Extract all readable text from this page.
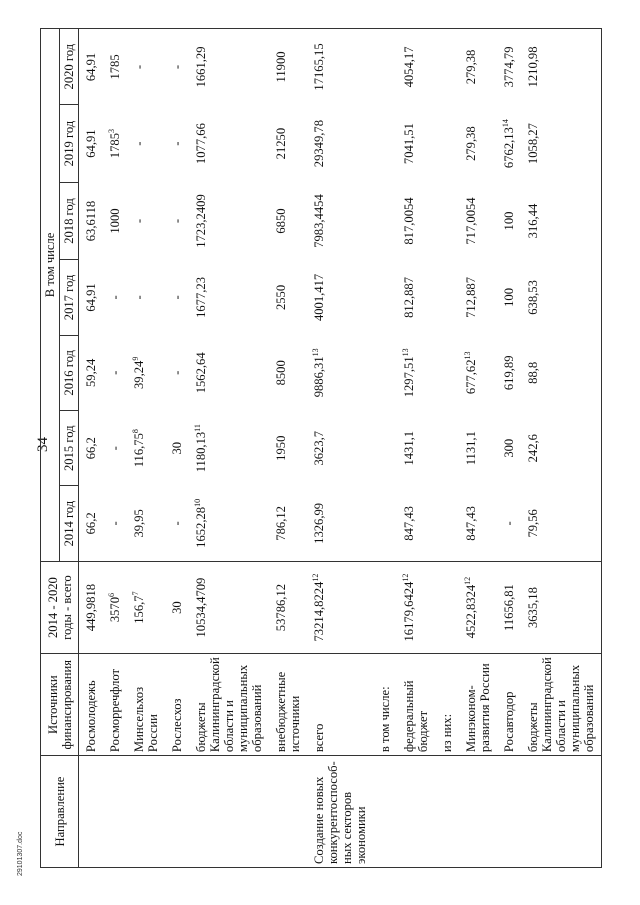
34
Направление	Источники финансирования	2014 - 2020 годы - всего	В том числе						
			2014 год	2015 год	2016 год	2017 год	2018 год	2019 год	2020 год
	Росмолодежь	449,9818	66,2	66,2	59,24	64,91	63,6118	64,91	64,91
	Росморречфлот	3570$^6$	-	-	-	-	1000	1785$^3$	1785
	Минсельхоз России	156,7$^7$	39,95	116,75$^8$	39,24$^9$	-	-	-	-
	Рослесхоз	30	-	30	-	-	-	-	-
	бюджеты Калининградской области и муниципальных образований	10534,4709	1652,28$^{10}$	1180,13$^{11}$	1562,64	1677,23	1723,2409	1077,66	1661,29
	внебюджетные источники	53786,12	786,12	1950	8500	2550	6850	21250	11900
Создание новых конкурентоспособ-ных секторов экономики	всего	73214,8224$^{12}$	1326,99	3623,7	9886,31$^{13}$	4001,417	7983,4454	29349,78	17165,15
	в том числе:								
	федеральный бюджет	16179,6424$^{12}$	847,43	1431,1	1297,51$^{13}$	812,887	817,0054	7041,51	4054,17
	из них:								
	Минэконом-развития России	4522,8324$^{12}$	847,43	1131,1	677,62$^{13}$	712,887	717,0054	279,38	279,38
	Росавтодор	11656,81	-	300	619,89	100	100	6762,13$^{14}$	3774,79
	бюджеты Калининградской области и муниципальных образований	3635,18	79,56	242,6	88,8	638,53	316,44	1058,27	1210,98
29101307.doc
